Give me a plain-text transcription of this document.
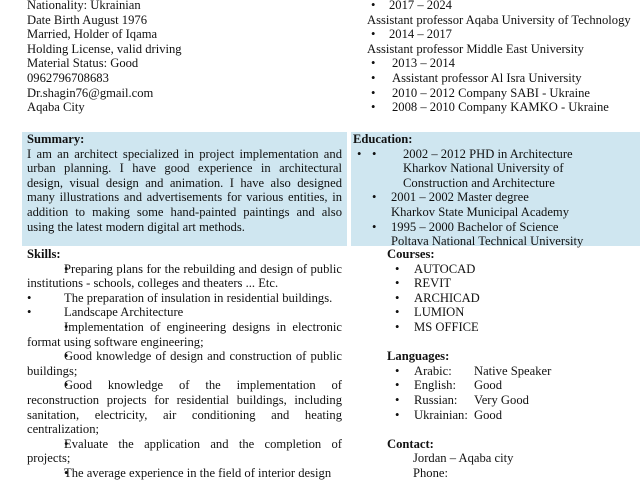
Nationality: Ukrainian
Date Birth August 1976
Married, Holder of Iqama
Holding License, valid driving
Material Status: Good
0962796708683
Dr.shagin76@gmail.com
Aqaba City
• 2017 – 2024
Assistant professor Aqaba University of Technology
• 2014 – 2017
Assistant professor Middle East University
• 2013 – 2014
• Assistant professor Al Isra University
• 2010 – 2012 Company SABI - Ukraine
• 2008 – 2010 Company KAMKO - Ukraine
Summary:
I am an architect specialized in project implementation and urban planning. I have good experience in architectural design, visual design and animation. I have also designed many illustrations and advertisements for various entities, in addition to making some hand-painted paintings and also using the latest modern digital art methods.
Education:
• • 2002 – 2012 PHD in Architecture
Kharkov National University of
Construction and Architecture
• 2001 – 2002 Master degree
Kharkov State Municipal Academy
• 1995 – 2000 Bachelor of Science
Poltava National Technical University
Skills:
• Preparing plans for the rebuilding and design of public institutions - schools, colleges and theaters ... Etc.
• The preparation of insulation in residential buildings.
• Landscape Architecture
• Implementation of engineering designs in electronic format using software engineering;
• Good knowledge of design and construction of public buildings;
• Good knowledge of the implementation of reconstruction projects for residential buildings, including sanitation, electricity, air conditioning and heating centralization;
• Evaluate the application and the completion of projects;
• The average experience in the field of interior design
Courses:
• AUTOCAD
• REVIT
• ARCHICAD
• LUMION
• MS OFFICE
Languages:
• Arabic: Native Speaker
• English: Good
• Russian: Very Good
• Ukrainian: Good
Contact:
Jordan – Aqaba city
Phone:
